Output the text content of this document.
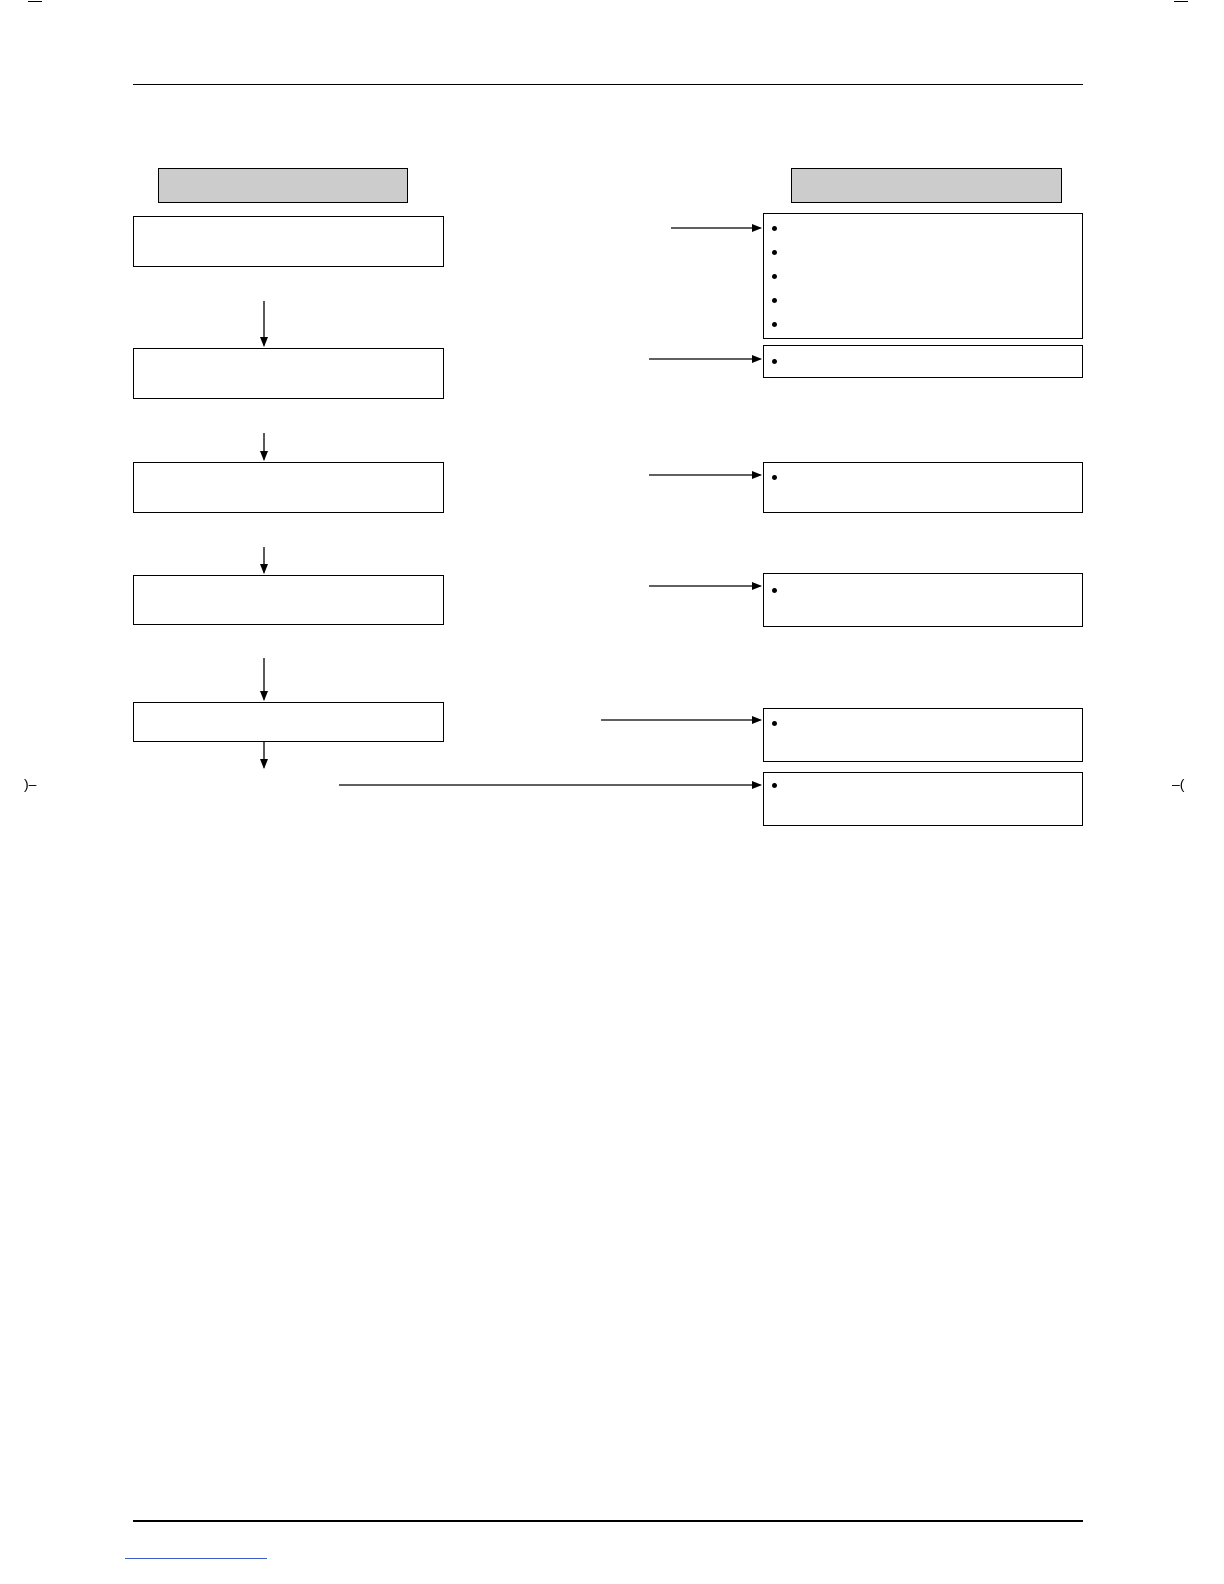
)–	–(
